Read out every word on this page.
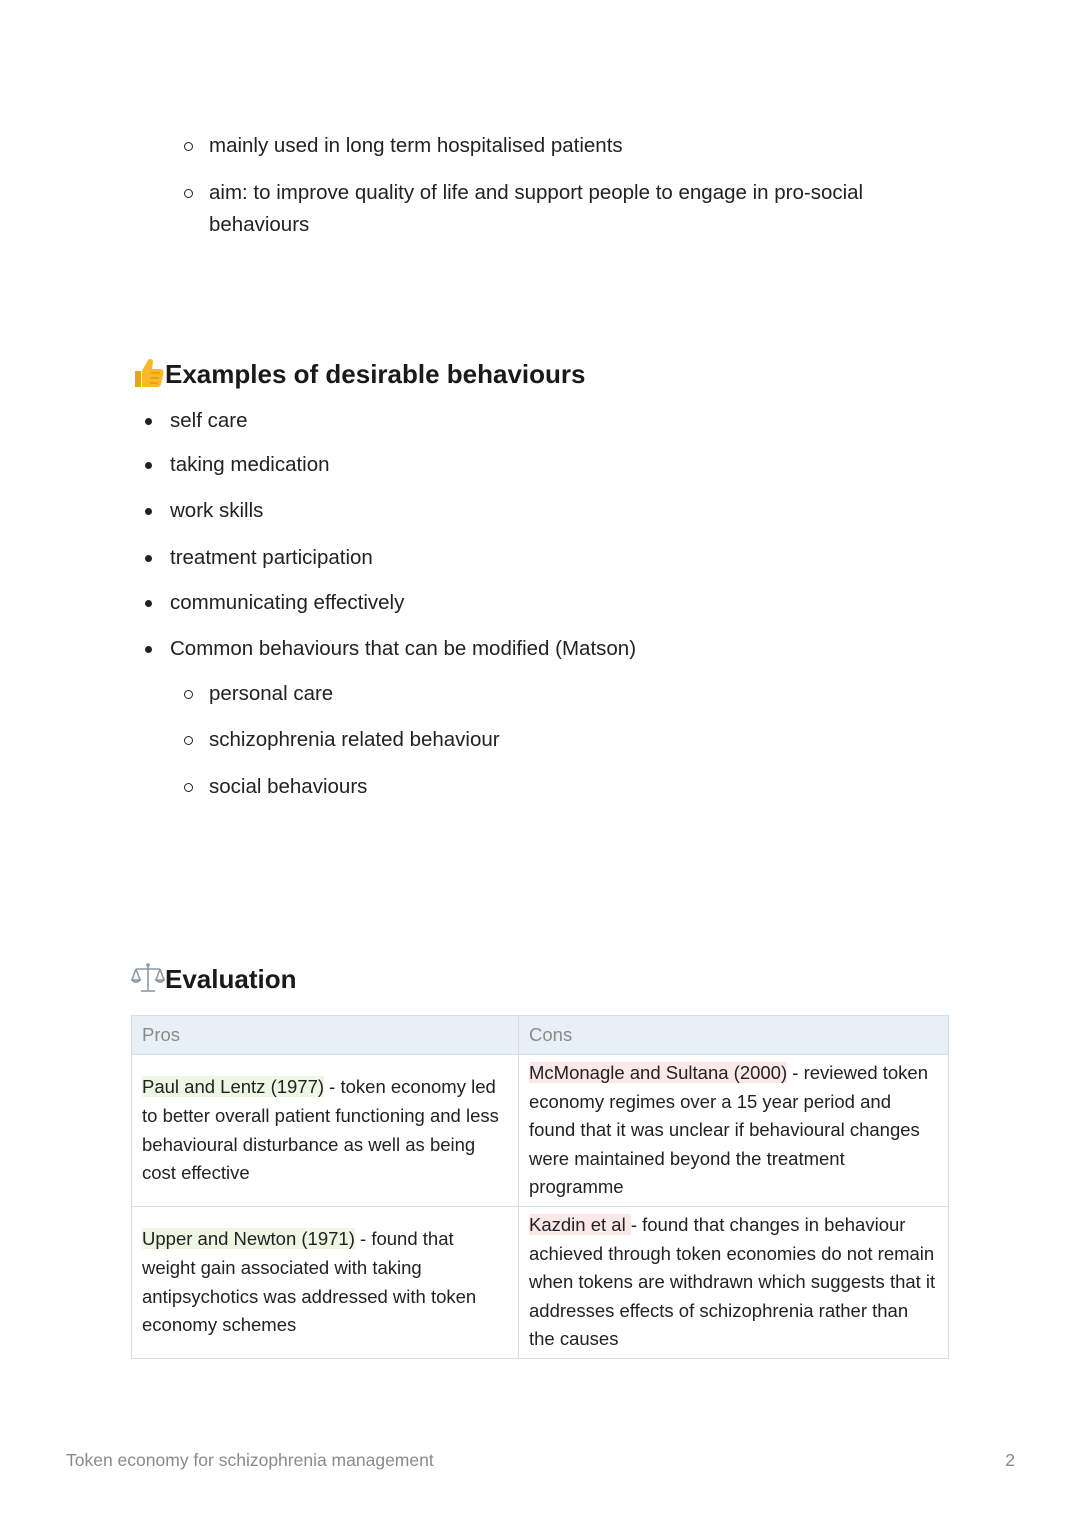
mainly used in long term hospitalised patients
aim: to improve quality of life and support people to engage in pro-social behaviours
Examples of desirable behaviours
self care
taking medication
work skills
treatment participation
communicating effectively
Common behaviours that can be modified (Matson)
personal care
schizophrenia related behaviour
social behaviours
Evaluation
Pros	Cons
Paul and Lentz (1977) - token economy led to better overall patient functioning and less behavioural disturbance as well as being cost effective	McMonagle and Sultana (2000) - reviewed token economy regimes over a 15 year period and found that it was unclear if behavioural changes were maintained beyond the treatment programme
Upper and Newton (1971) - found that weight gain associated with taking antipsychotics was addressed with token economy schemes	Kazdin et al - found that changes in behaviour achieved through token economies do not remain when tokens are withdrawn which suggests that it addresses effects of schizophrenia rather than the causes
Token economy for schizophrenia management	2
